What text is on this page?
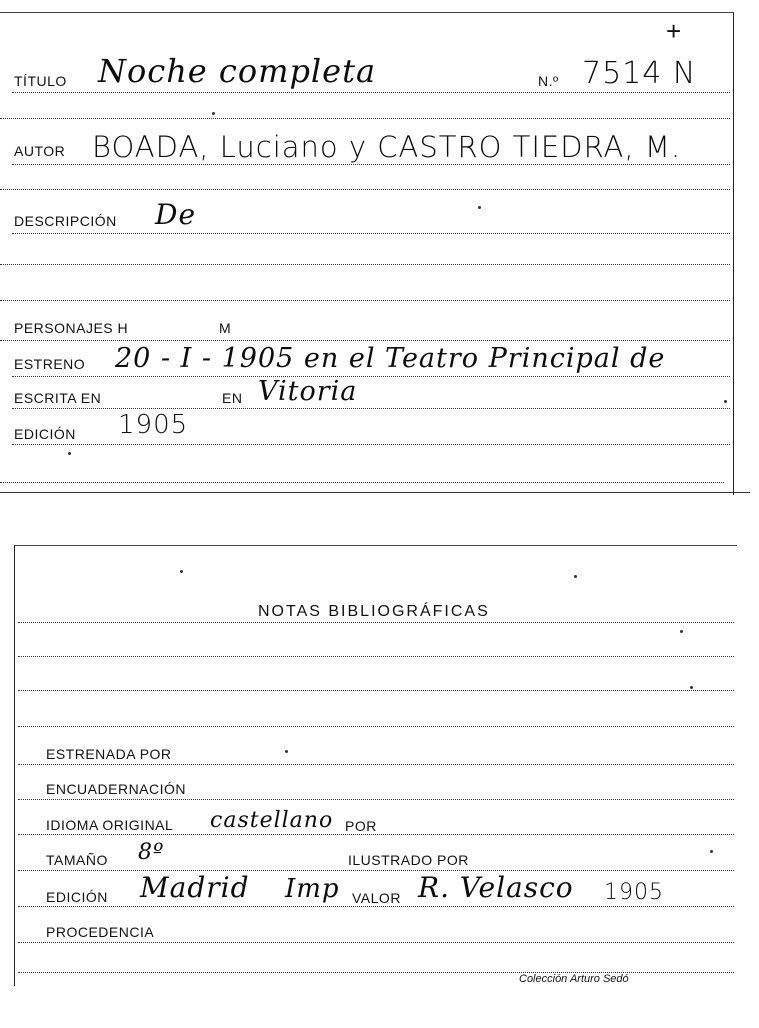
+
TÍTULO Noche completa	N.º 7514 N
AUTOR BOADA, Luciano y CASTRO TIEDRA, M.
DESCRIPCIÓN De
PERSONAJES H	M
ESTRENO 20 - I - 1905 en el Teatro Principal de
ESCRITA EN	EN Vitoria
EDICIÓN 1905
NOTAS BIBLIOGRÁFICAS
ESTRENADA POR
ENCUADERNACIÓN
IDIOMA ORIGINAL castellano POR
TAMAÑO 8º	ILUSTRADO POR
EDICIÓN Madrid Imp VALOR R. Velasco 1905
PROCEDENCIA
Colección Arturo Sedó
